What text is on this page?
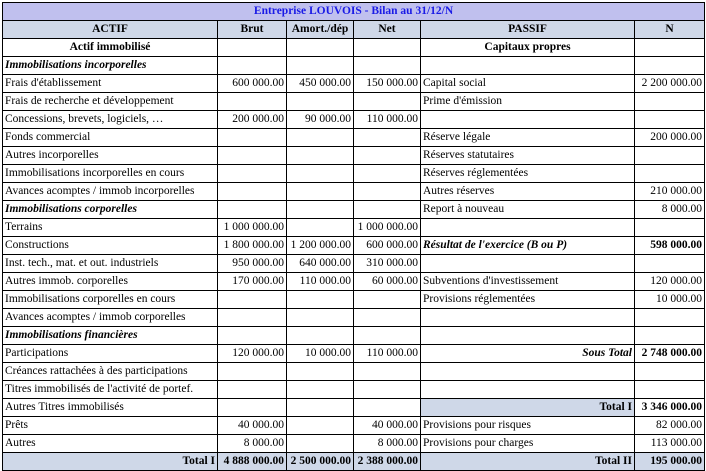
Entreprise LOUVOIS - Bilan au 31/12/N					
ACTIF	Brut	Amort./dép	Net	PASSIF	N
Actif immobilisé				Capitaux propres	
Immobilisations incorporelles					
Frais d'établissement	600 000.00	450 000.00	150 000.00	Capital social	2 200 000.00
Frais de recherche et développement				Prime d'émission	
Concessions, brevets, logiciels, …	200 000.00	90 000.00	110 000.00		
Fonds commercial				Réserve légale	200 000.00
Autres incorporelles				Réserves statutaires	
Immobilisations incorporelles en cours				Réserves réglementées	
Avances acomptes / immob incorporelles				Autres réserves	210 000.00
Immobilisations corporelles				Report à nouveau	8 000.00
Terrains	1 000 000.00		1 000 000.00		
Constructions	1 800 000.00	1 200 000.00	600 000.00	Résultat de l'exercice (B ou P)	598 000.00
Inst. tech., mat. et out. industriels	950 000.00	640 000.00	310 000.00		
Autres immob. corporelles	170 000.00	110 000.00	60 000.00	Subventions d'investissement	120 000.00
Immobilisations corporelles en cours				Provisions réglementées	10 000.00
Avances acomptes / immob corporelles					
Immobilisations financières					
Participations	120 000.00	10 000.00	110 000.00	Sous Total	2 748 000.00
Créances rattachées à des participations					
Titres immobilisés de l'activité de portef.					
Autres Titres immobilisés				Total I	3 346 000.00
Prêts	40 000.00		40 000.00	Provisions pour risques	82 000.00
Autres	8 000.00		8 000.00	Provisions pour charges	113 000.00
Total I	4 888 000.00	2 500 000.00	2 388 000.00	Total II	195 000.00
